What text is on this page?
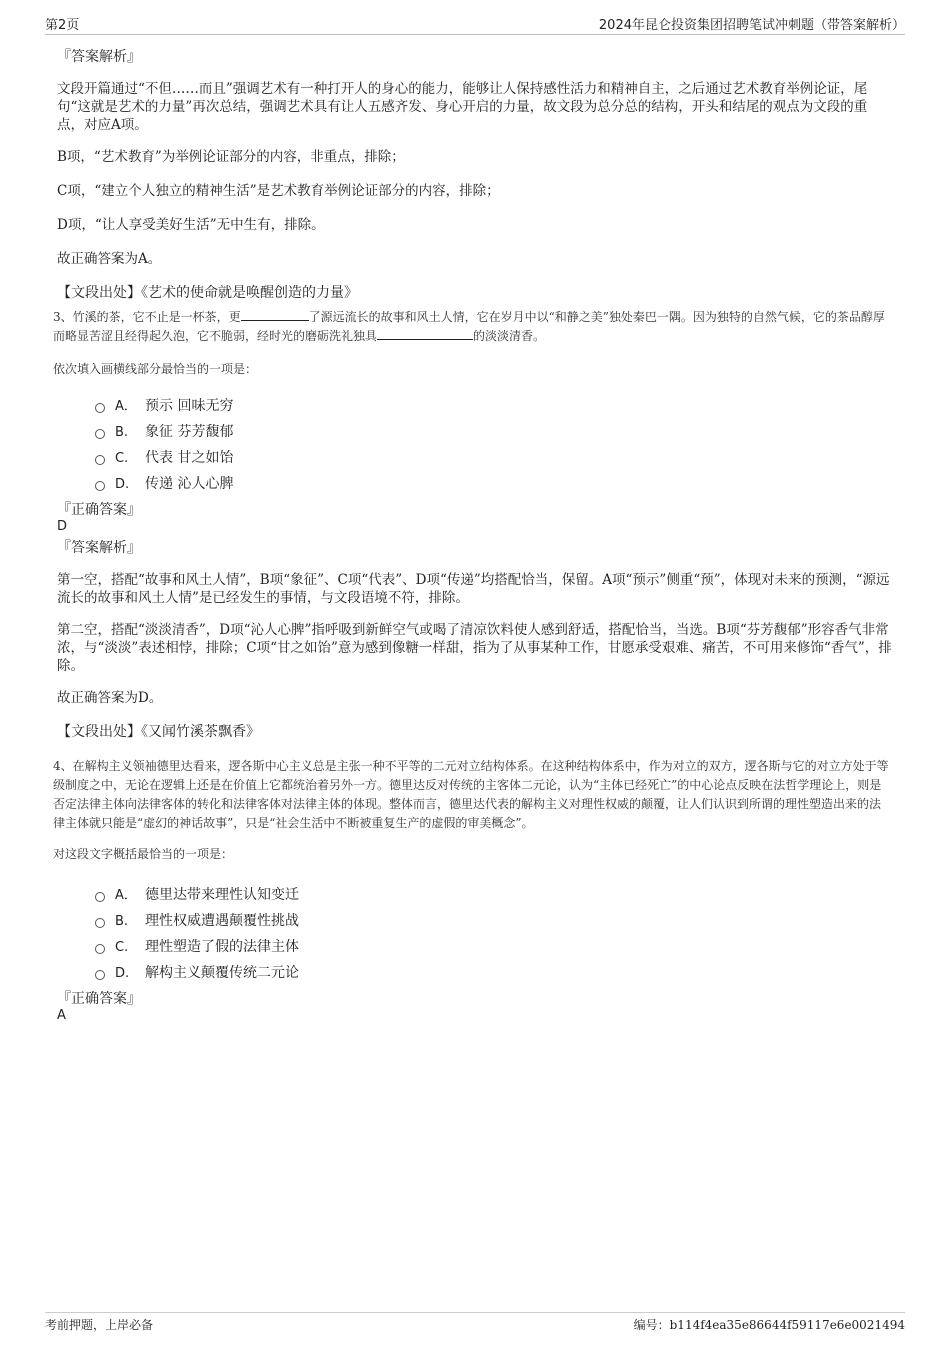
第2页	2024年昆仑投资集团招聘笔试冲刺题（带答案解析）

『答案解析』

文段开篇通过“不但……而且”强调艺术有一种打开人的身心的能力，能够让人保持感性活力和精神自主，之后通过艺术教育举例论证，尾句“这就是艺术的力量”再次总结，强调艺术具有让人五感齐发、身心开启的力量，故文段为总分总的结构，开头和结尾的观点为文段的重点，对应A项。

B项，“艺术教育”为举例论证部分的内容，非重点，排除；

C项，“建立个人独立的精神生活”是艺术教育举例论证部分的内容，排除；

D项，“让人享受美好生活”无中生有，排除。

故正确答案为A。

【文段出处】《艺术的使命就是唤醒创造的力量》

3、竹溪的茶，它不止是一杯茶，更	了源远流长的故事和风土人情，它在岁月中以“和静之美”独处秦巴一隅。因为独特的自然气候，它的茶品醇厚而略显苦涩且经得起久泡，它不脆弱，经时光的磨砺洗礼独具	的淡淡清香。

依次填入画横线部分最恰当的一项是：

A． 预示 回味无穷
B. 象征 芬芳馥郁
C. 代表 甘之如饴
D. 传递 沁人心脾

『正确答案』

D

『答案解析』

第一空，搭配“故事和风土人情”，B项“象征”、C项“代表”、D项“传递”均搭配恰当，保留。A项“预示”侧重“预”，体现对未来的预测，“源远流长的故事和风土人情”是已经发生的事情，与文段语境不符，排除。

第二空，搭配“淡淡清香”，D项“沁人心脾”指呼吸到新鲜空气或喝了清凉饮料使人感到舒适，搭配恰当，当选。B项“芬芳馥郁”形容香气非常浓，与“淡淡”表述相悖，排除；C项“甘之如饴”意为感到像糖一样甜，指为了从事某种工作，甘愿承受艰难、痛苦，不可用来修饰“香气”，排除。

故正确答案为D。

【文段出处】《又闻竹溪茶飘香》

4、在解构主义领袖德里达看来，逻各斯中心主义总是主张一种不平等的二元对立结构体系。在这种结构体系中，作为对立的双方，逻各斯与它的对立方处于等级制度之中，无论在逻辑上还是在价值上它都统治着另外一方。德里达反对传统的主客体二元论，认为“主体已经死亡”的中心论点反映在法哲学理论上，则是否定法律主体向法律客体的转化和法律客体对法律主体的体现。整体而言，德里达代表的解构主义对理性权威的颠覆，让人们认识到所谓的理性塑造出来的法律主体就只能是“虚幻的神话故事”，只是“社会生活中不断被重复生产的虚假的审美概念”。

对这段文字概括最恰当的一项是：

A． 德里达带来理性认知变迁
B. 理性权威遭遇颠覆性挑战
C. 理性塑造了假的法律主体
D. 解构主义颠覆传统二元论

『正确答案』

A

考前押题，上岸必备	编号：b114f4ea35e86644f59117e6e0021494
